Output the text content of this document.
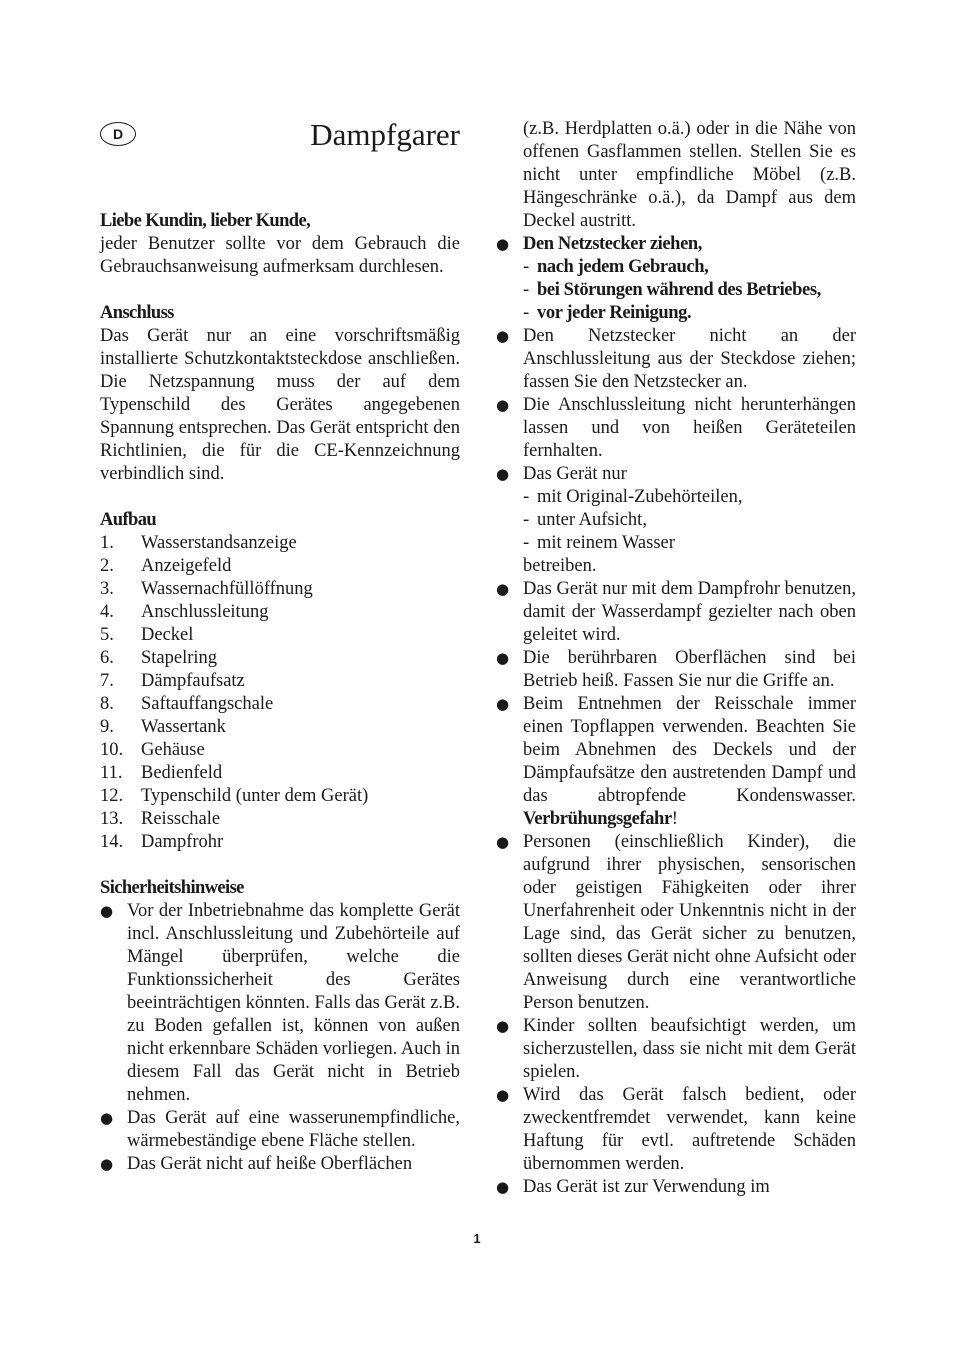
D	Dampfgarer
Liebe Kundin, lieber Kunde,
jeder Benutzer sollte vor dem Gebrauch die Gebrauchsanweisung aufmerksam durchlesen.
Anschluss
Das Gerät nur an eine vorschriftsmäßig installierte Schutzkontaktsteckdose anschließen. Die Netzspannung muss der auf dem Typenschild des Gerätes angegebenen Spannung entsprechen. Das Gerät entspricht den Richtlinien, die für die CE-Kennzeichnung verbindlich sind.
Aufbau
1.	Wasserstandsanzeige
2.	Anzeigefeld
3.	Wassernachfüllöffnung
4.	Anschlussleitung
5.	Deckel
6.	Stapelring
7.	Dämpfaufsatz
8.	Saftauffangschale
9.	Wassertank
10. Gehäuse
11.	Bedienfeld
12. Typenschild (unter dem Gerät)
13. Reisschale
14. Dampfrohr
Sicherheitshinweise
● Vor der Inbetriebnahme das komplette Gerät incl. Anschlussleitung und Zubehörteile auf Mängel überprüfen, welche die Funktionssicherheit des Gerätes beeinträchtigen könnten. Falls das Gerät z.B. zu Boden gefallen ist, können von außen nicht erkennbare Schäden vorliegen. Auch in diesem Fall das Gerät nicht in Betrieb nehmen.
● Das Gerät auf eine wasserunempfindliche, wärmebeständige ebene Fläche stellen.
● Das Gerät nicht auf heiße Oberflächen
(z.B. Herdplatten o.ä.) oder in die Nähe von offenen Gasflammen stellen. Stellen Sie es nicht unter empfindliche Möbel (z.B. Hängeschränke o.ä.), da Dampf aus dem Deckel austritt.
● Den Netzstecker ziehen,
- nach jedem Gebrauch,
- bei Störungen während des Betriebes,
- vor jeder Reinigung.
● Den Netzstecker nicht an der Anschlussleitung aus der Steckdose ziehen; fassen Sie den Netzstecker an.
● Die Anschlussleitung nicht herunterhängen lassen und von heißen Geräteteilen fernhalten.
● Das Gerät nur
- mit Original-Zubehörteilen,
- unter Aufsicht,
- mit reinem Wasser
betreiben.
● Das Gerät nur mit dem Dampfrohr benutzen, damit der Wasserdampf gezielter nach oben geleitet wird.
● Die berührbaren Oberflächen sind bei Betrieb heiß. Fassen Sie nur die Griffe an.
● Beim Entnehmen der Reisschale immer einen Topflappen verwenden. Beachten Sie beim Abnehmen des Deckels und der Dämpfaufsätze den austretenden Dampf und das abtropfende Kondenswasser. Verbrühungsgefahr!
● Personen (einschließlich Kinder), die aufgrund ihrer physischen, sensorischen oder geistigen Fähigkeiten oder ihrer Unerfahrenheit oder Unkenntnis nicht in der Lage sind, das Gerät sicher zu benutzen, sollten dieses Gerät nicht ohne Aufsicht oder Anweisung durch eine verantwortliche Person benutzen.
● Kinder sollten beaufsichtigt werden, um sicherzustellen, dass sie nicht mit dem Gerät spielen.
● Wird das Gerät falsch bedient, oder zweckentfremdet verwendet, kann keine Haftung für evtl. auftretende Schäden übernommen werden.
● Das Gerät ist zur Verwendung im
1
